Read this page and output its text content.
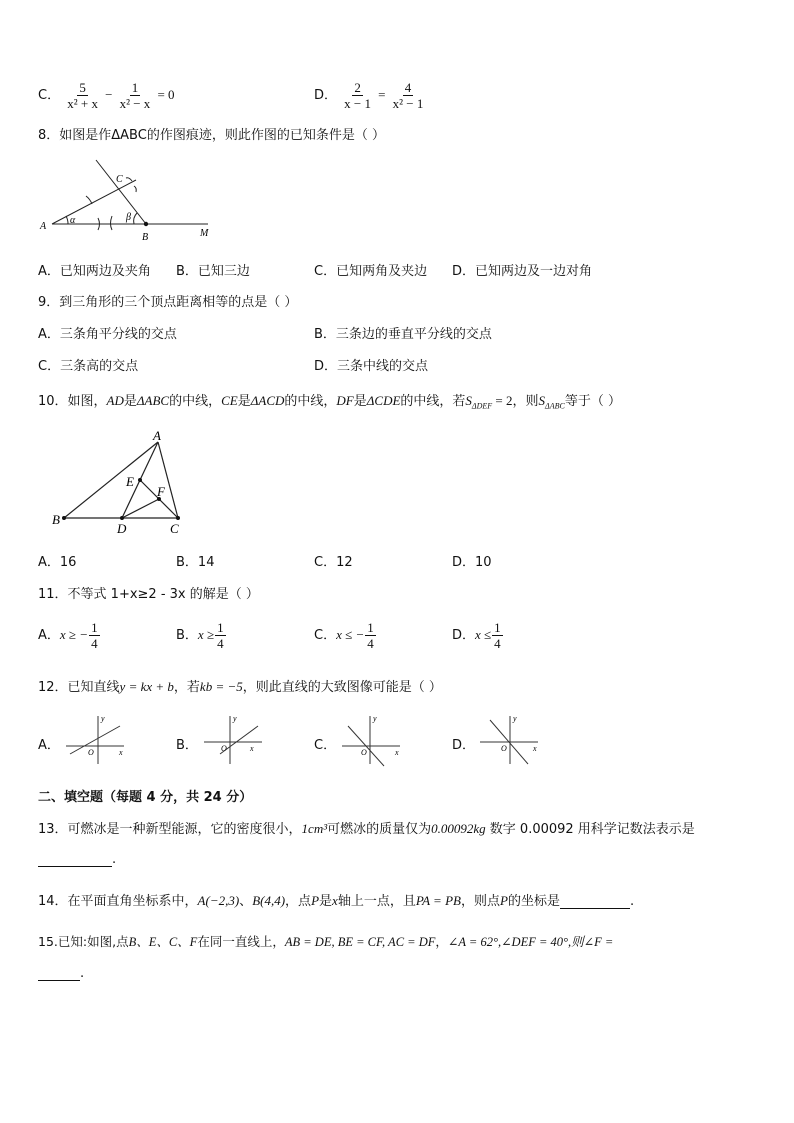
C． $\frac{5}{\text{x² + x}} - \frac{1}{\text{x² − x}} = 0$	D． $\frac{2}{x - 1} = \frac{4}{\text{x² − 1}}$
8．如图是作ΔABC的作图痕迹，则此作图的已知条件是（ ）
A
B
C
M
α	β
A．已知两边及夹角 B．已知三边	C．已知两角及夹边 D．已知两边及一边对角
9．到三角形的三个顶点距离相等的点是（ ）
A．三条角平分线的交点	B．三条边的垂直平分线的交点
C．三条高的交点	D．三条中线的交点
10．如图，AD是ΔABC的中线，CE是ΔACD的中线，DF是ΔCDE的中线，若$S_{\Delta DEF} = 2$，则$S_{\Delta ABC}$等于（ ）
A
B
C
D
E
F
A．16	B．14	C．12	D．10
11．不等式 1+x≥2 - 3x 的解是（ ）
A．x ≥ − $\frac{1}{4}$	B．$x \ge \frac{1}{4}$	C．x ≤ − $\frac{1}{4}$	D．$x \le \frac{1}{4}$
12．已知直线y = kx + b，若kb = −5，则此直线的大致图像可能是（ ）
A．
y
x
O	B．
y
x
O	C．
y
x
O	D．
y
x
O
二、填空题（每题 4 分，共 24 分）
13．可燃冰是一种新型能源，它的密度很小，1cm³可燃冰的质量仅为0.00092kg 数字 0.00092 用科学记数法表示是
.
14．在平面直角坐标系中，A(−2,3)、B(4,4)，点P是x轴上一点，且PA = PB，则点P的坐标是	.
15.已知:如图,点B、E、C、F在同一直线上，AB = DE, BE = CF, AC = DF，∠A = 62°,∠DEF = 40°,则∠F =
.
